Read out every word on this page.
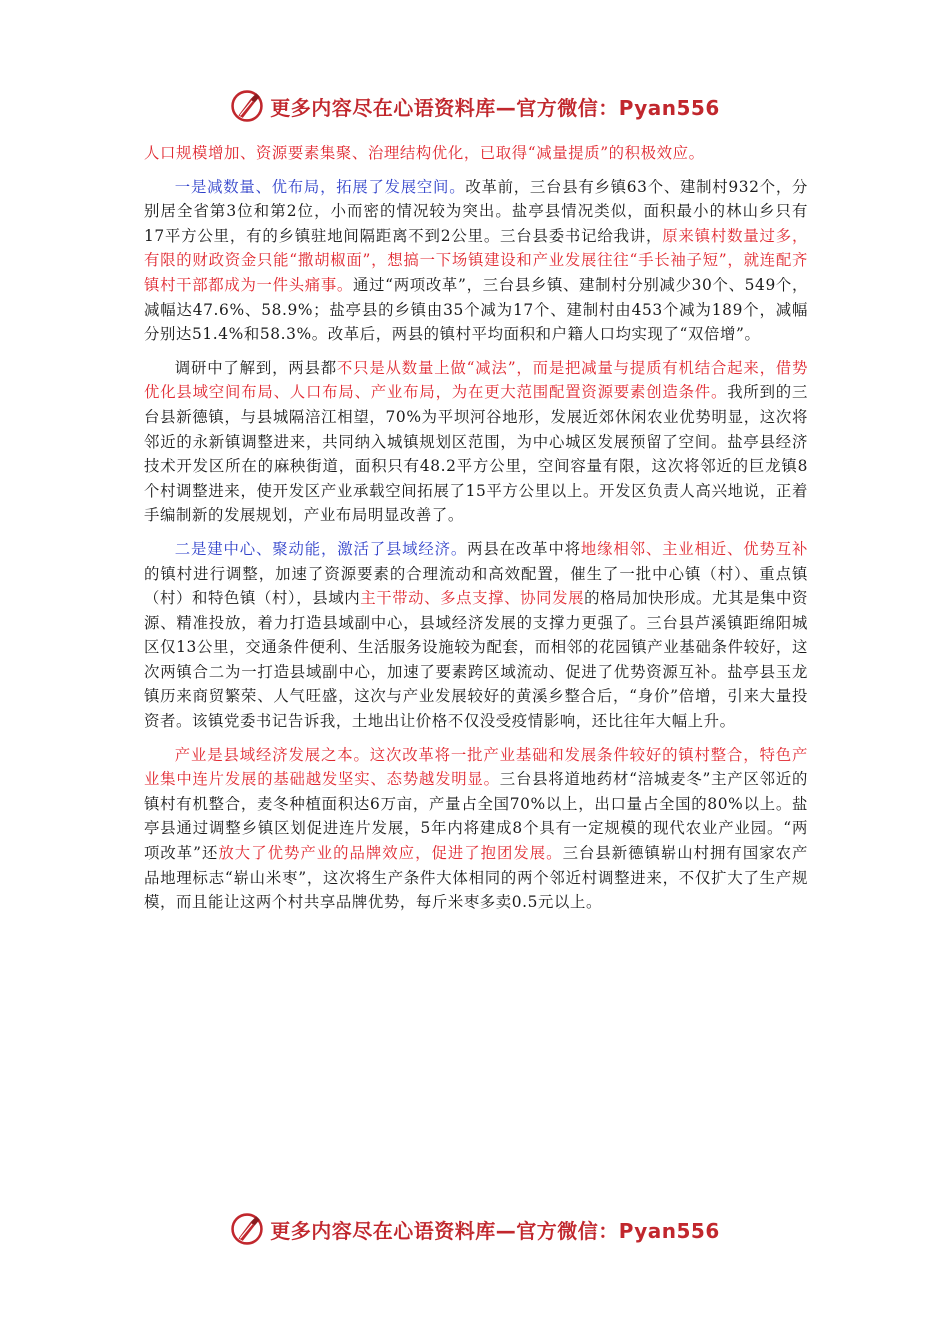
更多内容尽在心语资料库—官方微信：Pyan556

人口规模增加、资源要素集聚、治理结构优化，已取得“减量提质”的积极效应。

一是减数量、优布局，拓展了发展空间。改革前，三台县有乡镇63个、建制村932个，分别居全省第3位和第2位，小而密的情况较为突出。盐亭县情况类似，面积最小的林山乡只有17平方公里，有的乡镇驻地间隔距离不到2公里。三台县委书记给我讲，原来镇村数量过多，有限的财政资金只能“撒胡椒面”，想搞一下场镇建设和产业发展往往“手长袖子短”，就连配齐镇村干部都成为一件头痛事。通过“两项改革”，三台县乡镇、建制村分别减少30个、549个，减幅达47.6%、58.9%；盐亭县的乡镇由35个减为17个、建制村由453个减为189个，减幅分别达51.4%和58.3%。改革后，两县的镇村平均面积和户籍人口均实现了“双倍增”。

调研中了解到，两县都不只是从数量上做“减法”，而是把减量与提质有机结合起来，借势优化县域空间布局、人口布局、产业布局，为在更大范围配置资源要素创造条件。我所到的三台县新德镇，与县城隔涪江相望，70%为平坝河谷地形，发展近郊休闲农业优势明显，这次将邻近的永新镇调整进来，共同纳入城镇规划区范围，为中心城区发展预留了空间。盐亭县经济技术开发区所在的麻秧街道，面积只有48.2平方公里，空间容量有限，这次将邻近的巨龙镇8个村调整进来，使开发区产业承载空间拓展了15平方公里以上。开发区负责人高兴地说，正着手编制新的发展规划，产业布局明显改善了。

二是建中心、聚动能，激活了县域经济。两县在改革中将地缘相邻、主业相近、优势互补的镇村进行调整，加速了资源要素的合理流动和高效配置，催生了一批中心镇（村）、重点镇（村）和特色镇（村），县域内主干带动、多点支撑、协同发展的格局加快形成。尤其是集中资源、精准投放，着力打造县域副中心，县域经济发展的支撑力更强了。三台县芦溪镇距绵阳城区仅13公里，交通条件便利、生活服务设施较为配套，而相邻的花园镇产业基础条件较好，这次两镇合二为一打造县域副中心，加速了要素跨区域流动、促进了优势资源互补。盐亭县玉龙镇历来商贸繁荣、人气旺盛，这次与产业发展较好的黄溪乡整合后，“身价”倍增，引来大量投资者。该镇党委书记告诉我，土地出让价格不仅没受疫情影响，还比往年大幅上升。

产业是县域经济发展之本。这次改革将一批产业基础和发展条件较好的镇村整合，特色产业集中连片发展的基础越发坚实、态势越发明显。三台县将道地药材“涪城麦冬”主产区邻近的镇村有机整合，麦冬种植面积达6万亩，产量占全国70%以上，出口量占全国的80%以上。盐亭县通过调整乡镇区划促进连片发展，5年内将建成8个具有一定规模的现代农业产业园。“两项改革”还放大了优势产业的品牌效应，促进了抱团发展。三台县新德镇崭山村拥有国家农产品地理标志“崭山米枣”，这次将生产条件大体相同的两个邻近村调整进来，不仅扩大了生产规模，而且能让这两个村共享品牌优势，每斤米枣多卖0.5元以上。

更多内容尽在心语资料库—官方微信：Pyan556
